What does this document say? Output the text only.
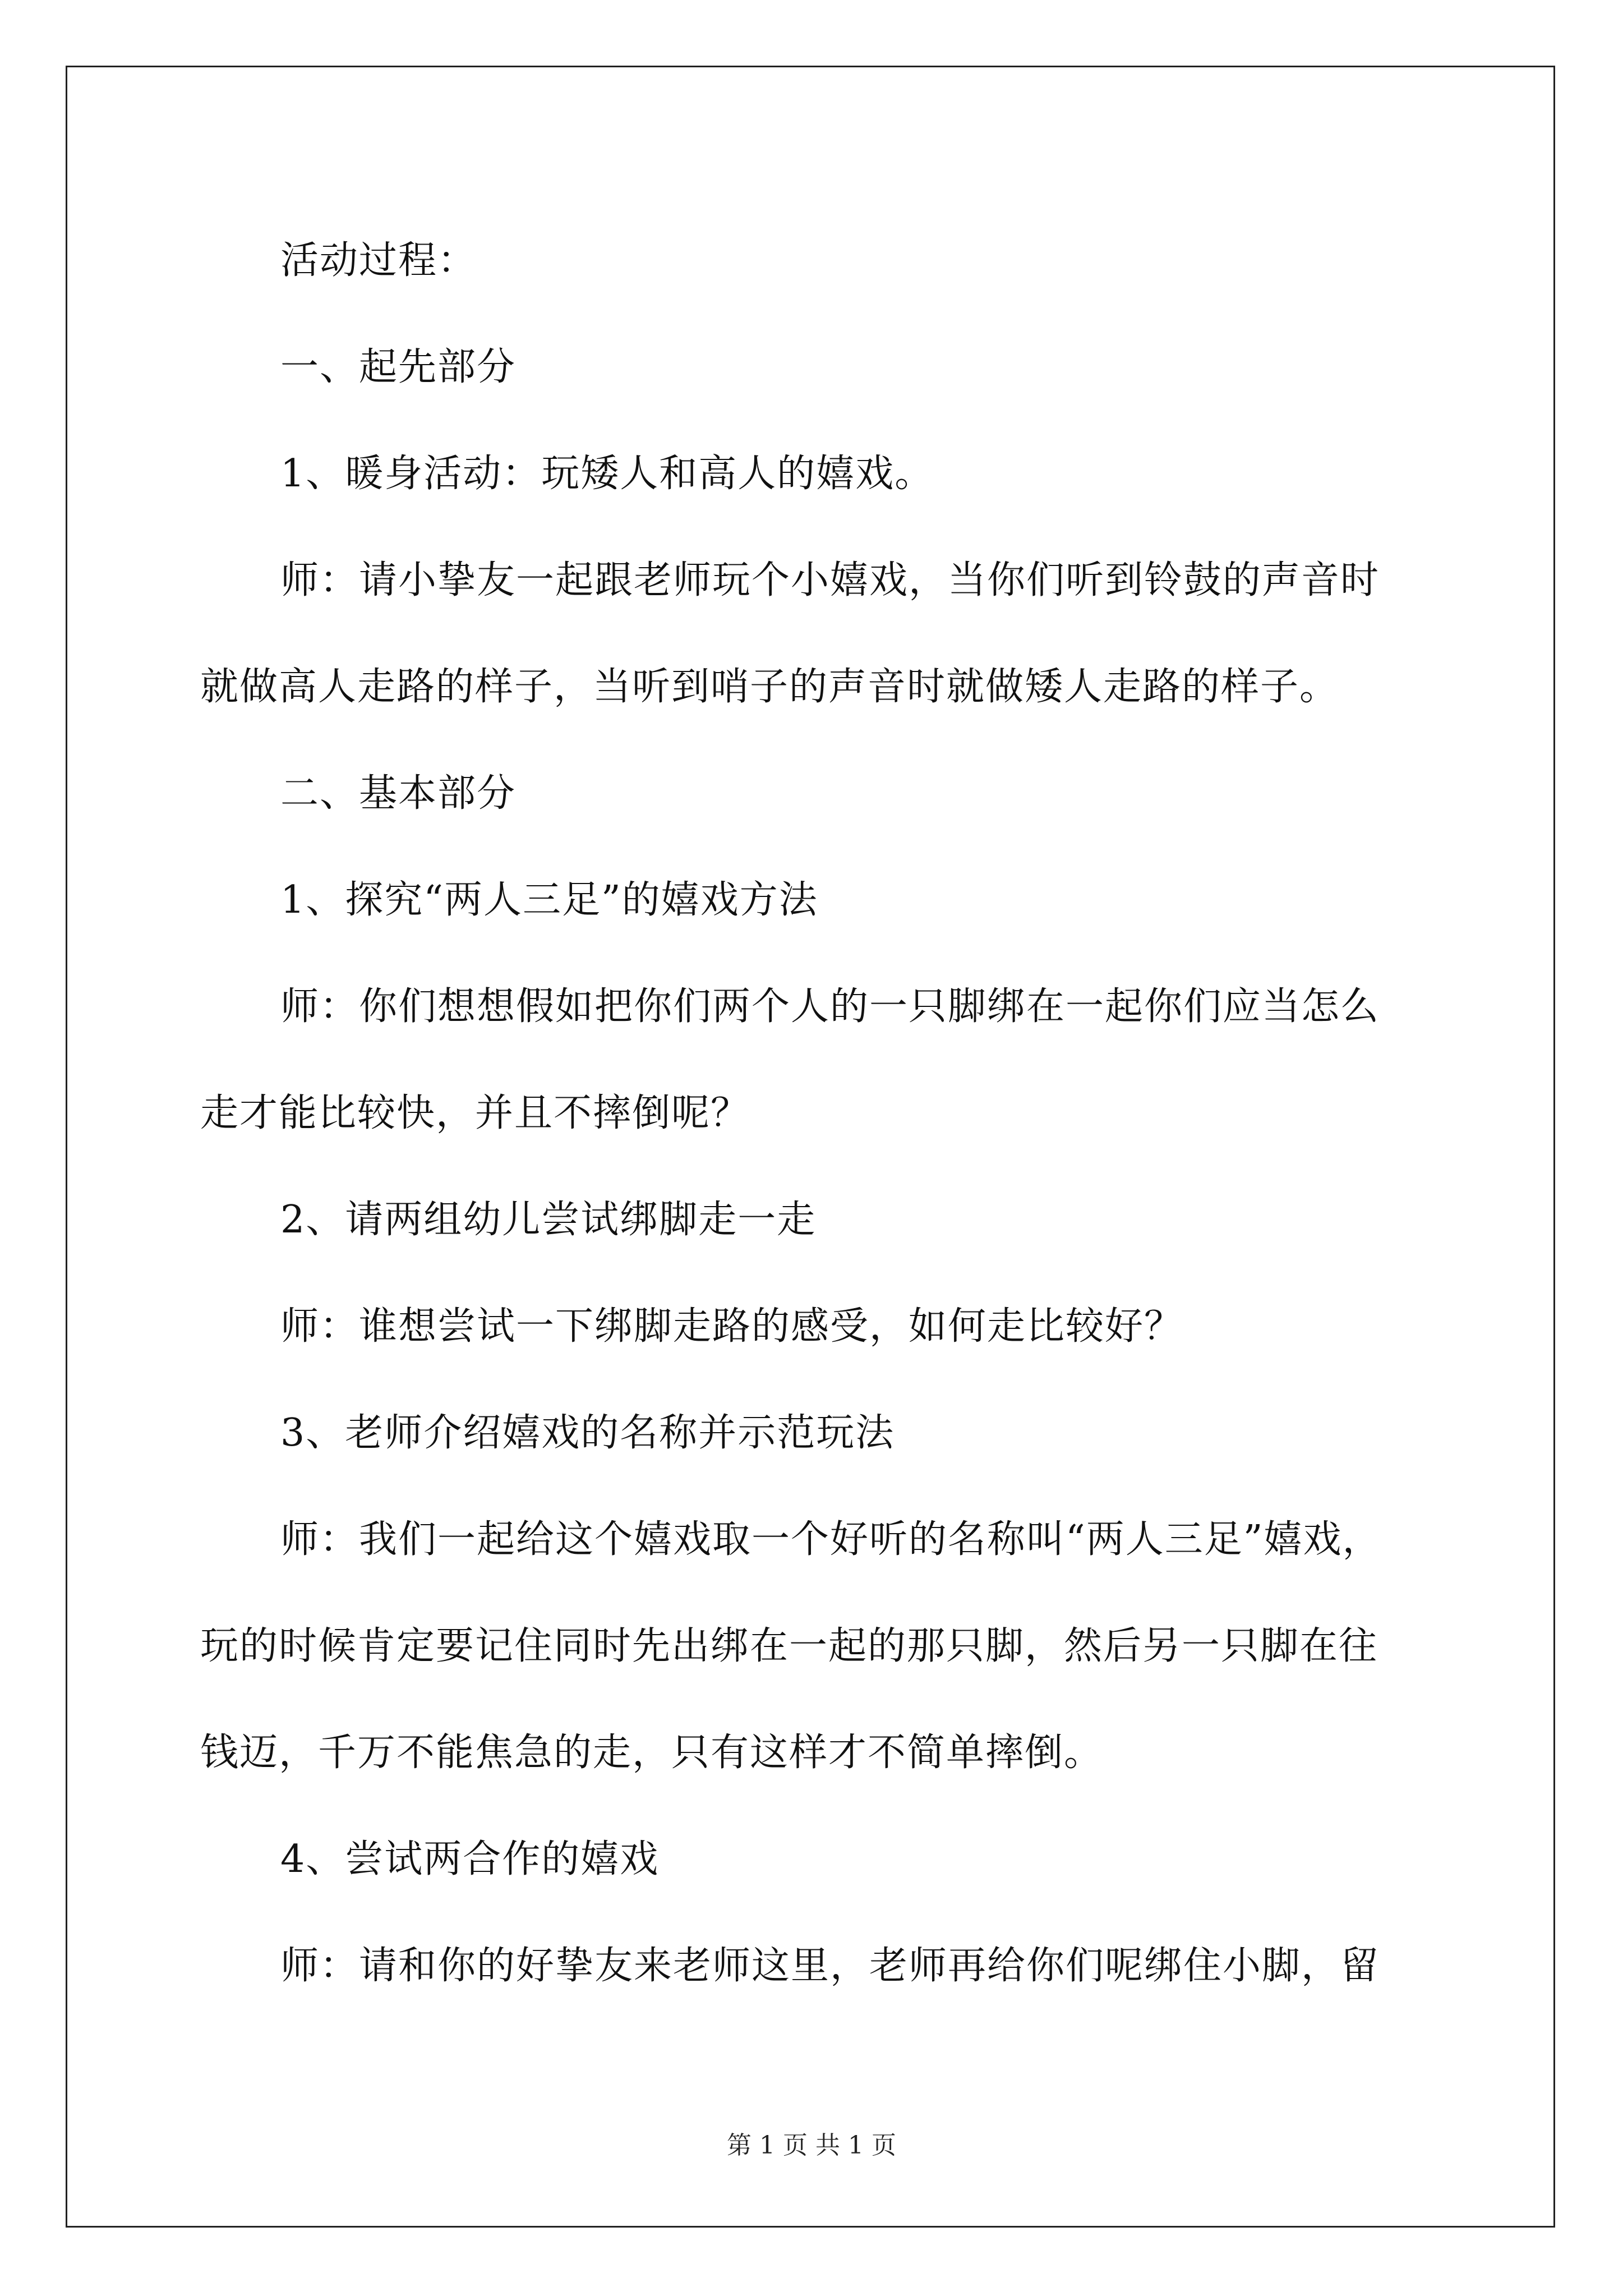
活动过程：

一、起先部分

1、暖身活动：玩矮人和高人的嬉戏。

师：请小挚友一起跟老师玩个小嬉戏，当你们听到铃鼓的声音时

就做高人走路的样子，当听到哨子的声音时就做矮人走路的样子。

二、基本部分

1、探究“两人三足”的嬉戏方法

师：你们想想假如把你们两个人的一只脚绑在一起你们应当怎么

走才能比较快，并且不摔倒呢？

2、请两组幼儿尝试绑脚走一走

师：谁想尝试一下绑脚走路的感受，如何走比较好？

3、老师介绍嬉戏的名称并示范玩法

师：我们一起给这个嬉戏取一个好听的名称叫“两人三足”嬉戏，

玩的时候肯定要记住同时先出绑在一起的那只脚，然后另一只脚在往

钱迈，千万不能焦急的走，只有这样才不简单摔倒。

4、尝试两合作的嬉戏

师：请和你的好挚友来老师这里，老师再给你们呢绑住小脚，留

第 1 页 共 1 页
